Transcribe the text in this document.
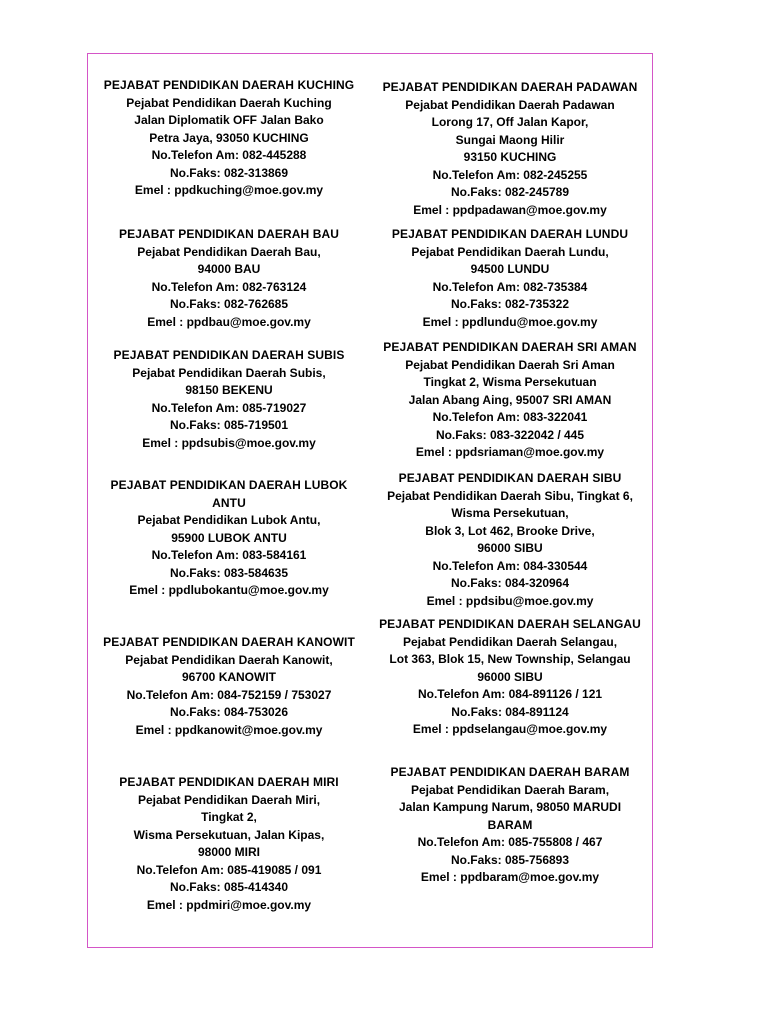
PEJABAT PENDIDIKAN DAERAH KUCHING
Pejabat Pendidikan Daerah Kuching
Jalan Diplomatik OFF Jalan Bako
Petra Jaya, 93050 KUCHING
No.Telefon Am: 082-445288
No.Faks: 082-313869
Emel : ppdkuching@moe.gov.my
PEJABAT PENDIDIKAN DAERAH PADAWAN
Pejabat Pendidikan Daerah Padawan
Lorong 17, Off Jalan Kapor,
Sungai Maong Hilir
93150 KUCHING
No.Telefon Am: 082-245255
No.Faks: 082-245789
Emel : ppdpadawan@moe.gov.my
PEJABAT PENDIDIKAN DAERAH BAU
Pejabat Pendidikan Daerah Bau,
94000 BAU
No.Telefon Am: 082-763124
No.Faks: 082-762685
Emel : ppdbau@moe.gov.my
PEJABAT PENDIDIKAN DAERAH LUNDU
Pejabat Pendidikan Daerah Lundu,
94500 LUNDU
No.Telefon Am: 082-735384
No.Faks: 082-735322
Emel : ppdlundu@moe.gov.my
PEJABAT PENDIDIKAN DAERAH SUBIS
Pejabat Pendidikan Daerah Subis,
98150 BEKENU
No.Telefon Am: 085-719027
No.Faks: 085-719501
Emel : ppdsubis@moe.gov.my
PEJABAT PENDIDIKAN DAERAH SRI AMAN
Pejabat Pendidikan Daerah Sri Aman
Tingkat 2, Wisma Persekutuan
Jalan Abang Aing, 95007 SRI AMAN
No.Telefon Am: 083-322041
No.Faks: 083-322042 / 445
Emel : ppdsriaman@moe.gov.my
PEJABAT PENDIDIKAN DAERAH LUBOK
ANTU
Pejabat Pendidikan Lubok Antu,
95900 LUBOK ANTU
No.Telefon Am: 083-584161
No.Faks: 083-584635
Emel : ppdlubokantu@moe.gov.my
PEJABAT PENDIDIKAN DAERAH SIBU
Pejabat Pendidikan Daerah Sibu, Tingkat 6,
Wisma Persekutuan,
Blok 3, Lot 462, Brooke Drive,
96000 SIBU
No.Telefon Am: 084-330544
No.Faks: 084-320964
Emel : ppdsibu@moe.gov.my
PEJABAT PENDIDIKAN DAERAH KANOWIT
Pejabat Pendidikan Daerah Kanowit,
96700 KANOWIT
No.Telefon Am: 084-752159 / 753027
No.Faks: 084-753026
Emel : ppdkanowit@moe.gov.my
PEJABAT PENDIDIKAN DAERAH SELANGAU
Pejabat Pendidikan Daerah Selangau,
Lot 363, Blok 15, New Township, Selangau
96000 SIBU
No.Telefon Am: 084-891126 / 121
No.Faks: 084-891124
Emel : ppdselangau@moe.gov.my
PEJABAT PENDIDIKAN DAERAH MIRI
Pejabat Pendidikan Daerah Miri,
Tingkat 2,
Wisma Persekutuan, Jalan Kipas,
98000 MIRI
No.Telefon Am: 085-419085 / 091
No.Faks: 085-414340
Emel : ppdmiri@moe.gov.my
PEJABAT PENDIDIKAN DAERAH BARAM
Pejabat Pendidikan Daerah Baram,
Jalan Kampung Narum, 98050 MARUDI
BARAM
No.Telefon Am: 085-755808 / 467
No.Faks: 085-756893
Emel : ppdbaram@moe.gov.my
